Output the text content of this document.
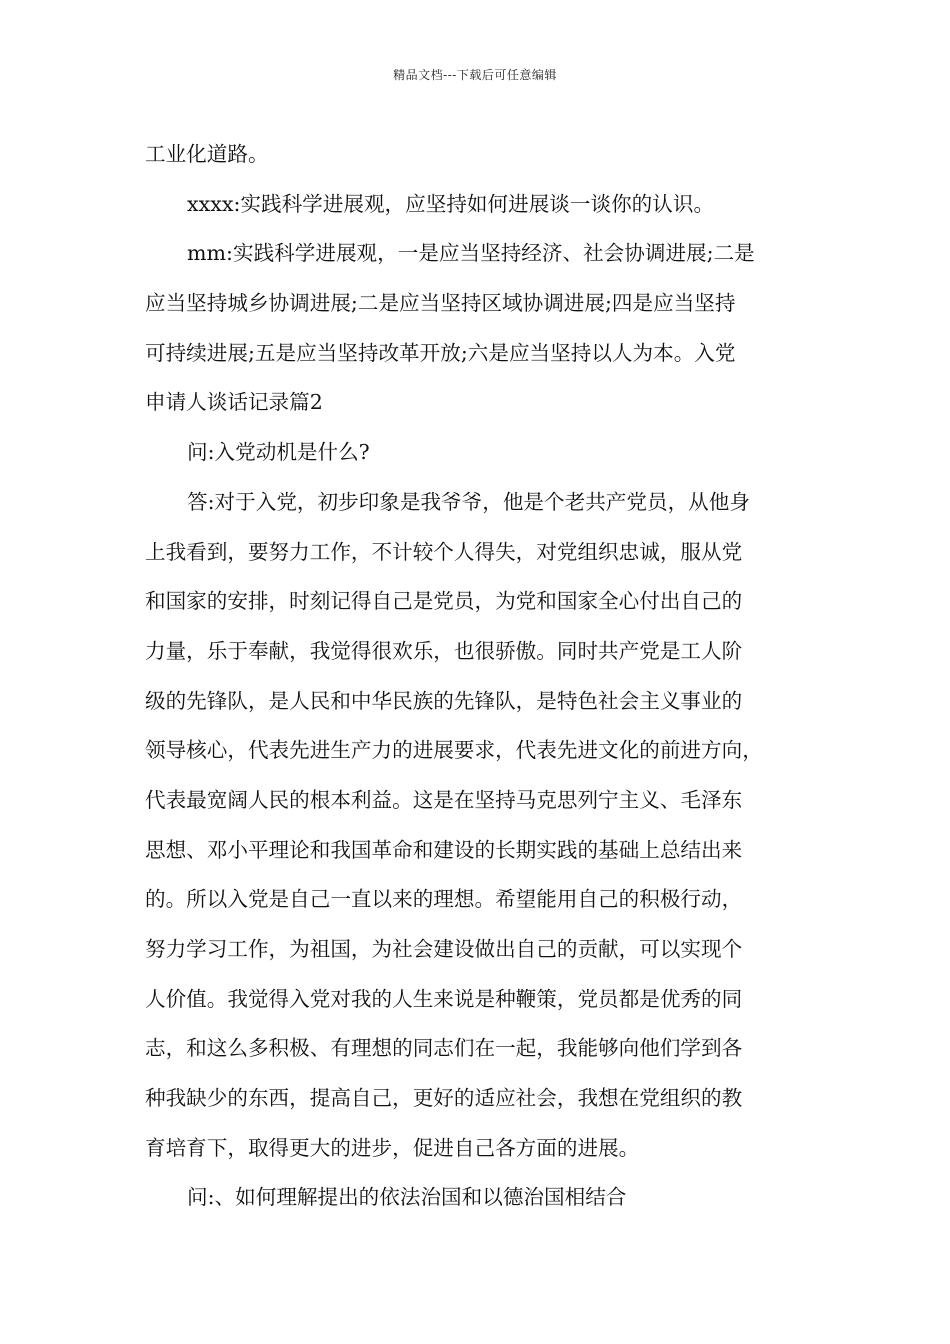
精品文档---下载后可任意编辑
工业化道路。
xxxx:实践科学进展观，应坚持如何进展谈一谈你的认识。
mm:实践科学进展观，一是应当坚持经济、社会协调进展;二是
应当坚持城乡协调进展;二是应当坚持区域协调进展;四是应当坚持
可持续进展;五是应当坚持改革开放;六是应当坚持以人为本。入党
申请人谈话记录篇2
问:入党动机是什么?
答:对于入党，初步印象是我爷爷，他是个老共产党员，从他身
上我看到，要努力工作，不计较个人得失，对党组织忠诚，服从党
和国家的安排，时刻记得自己是党员，为党和国家全心付出自己的
力量，乐于奉献，我觉得很欢乐，也很骄傲。同时共产党是工人阶
级的先锋队，是人民和中华民族的先锋队，是特色社会主义事业的
领导核心，代表先进生产力的进展要求，代表先进文化的前进方向，
代表最宽阔人民的根本利益。这是在坚持马克思列宁主义、毛泽东
思想、邓小平理论和我国革命和建设的长期实践的基础上总结出来
的。所以入党是自己一直以来的理想。希望能用自己的积极行动，
努力学习工作，为祖国，为社会建设做出自己的贡献，可以实现个
人价值。我觉得入党对我的人生来说是种鞭策，党员都是优秀的同
志，和这么多积极、有理想的同志们在一起，我能够向他们学到各
种我缺少的东西，提高自己，更好的适应社会，我想在党组织的教
育培育下，取得更大的进步，促进自己各方面的进展。
问:、如何理解提出的依法治国和以德治国相结合
